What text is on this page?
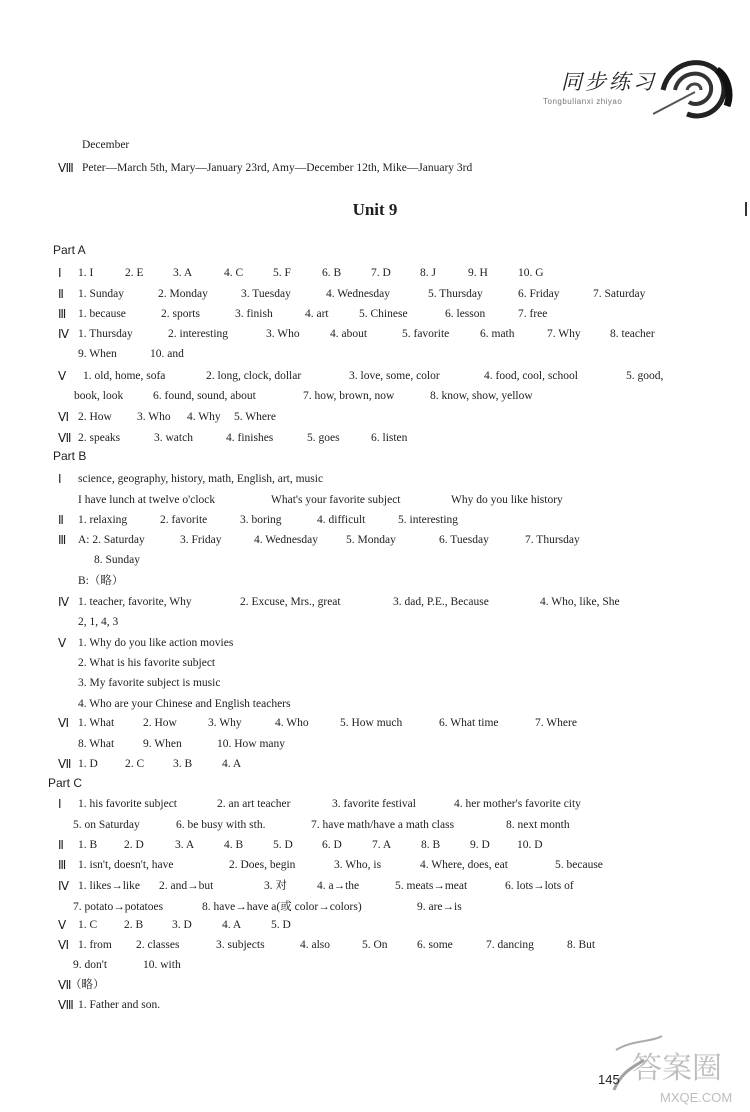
同步练习
Tongbulianxi zhiyao
December
Ⅷ Peter—March 5th, Mary—January 23rd, Amy—December 12th, Mike—January 3rd
Unit 9
Part A
Ⅰ 1. I	2. E	3. A	4. C	5. F	6. B	7. D	8. J	9. H	10. G
Ⅱ 1. Sunday	2. Monday	3. Tuesday	4. Wednesday	5. Thursday	6. Friday	7. Saturday
Ⅲ 1. because	2. sports	3. finish	4. art	5. Chinese	6. lesson	7. free
Ⅳ 1. Thursday	2. interesting	3. Who	4. about	5. favorite	6. math	7. Why	8. teacher
9. When	10. and
Ⅴ 1. old, home, sofa	2. long, clock, dollar	3. love, some, color	4. food, cool, school	5. good,
book, look	6. found, sound, about	7. how, brown, now	8. know, show, yellow
Ⅵ 2. How 3. Who 4. Why 5. Where
Ⅶ 2. speaks	3. watch	4. finishes	5. goes	6. listen
Part B
Ⅰ science, geography, history, math, English, art, music
I have lunch at twelve o'clock	What's your favorite subject	Why do you like history
Ⅱ 1. relaxing	2. favorite	3. boring	4. difficult	5. interesting
Ⅲ A: 2. Saturday	3. Friday	4. Wednesday 5. Monday	6. Tuesday	7. Thursday
8. Sunday
B:（略）
Ⅳ 1. teacher, favorite, Why	2. Excuse, Mrs., great	3. dad, P.E., Because	4. Who, like, She
2, 1, 4, 3
Ⅴ 1. Why do you like action movies
2. What is his favorite subject
3. My favorite subject is music
4. Who are your Chinese and English teachers
Ⅵ 1. What	2. How	3. Why	4. Who	5. How much	6. What time	7. Where
8. What	9. When	10. How many
Ⅶ 1. D 2. C	3. B	4. A
Part C
Ⅰ 1. his favorite subject	2. an art teacher	3. favorite festival	4. her mother's favorite city
5. on Saturday	6. be busy with sth.	7. have math/have a math class	8. next month
Ⅱ 1. B 2. D	3. A	4. B	5. D	6. D	7. A	8. B	9. D 10. D
Ⅲ 1. isn't, doesn't, have	2. Does, begin	3. Who, is	4. Where, does, eat	5. because
Ⅳ 1. likes→like 2. and→but	3. 对	4. a→the	5. meats→meat	6. lots→lots of
7. potato→potatoes	8. have→have a(或 color→colors)	9. are→is
Ⅴ 1. C 2. B	3. D	4. A	5. D
Ⅵ 1. from 2. classes	3. subjects	4. also	5. On	6. some	7. dancing	8. But
9. don't	10. with
Ⅶ
（略）
Ⅷ 1. Father and son.
145 答案圈
MXQE.COM
